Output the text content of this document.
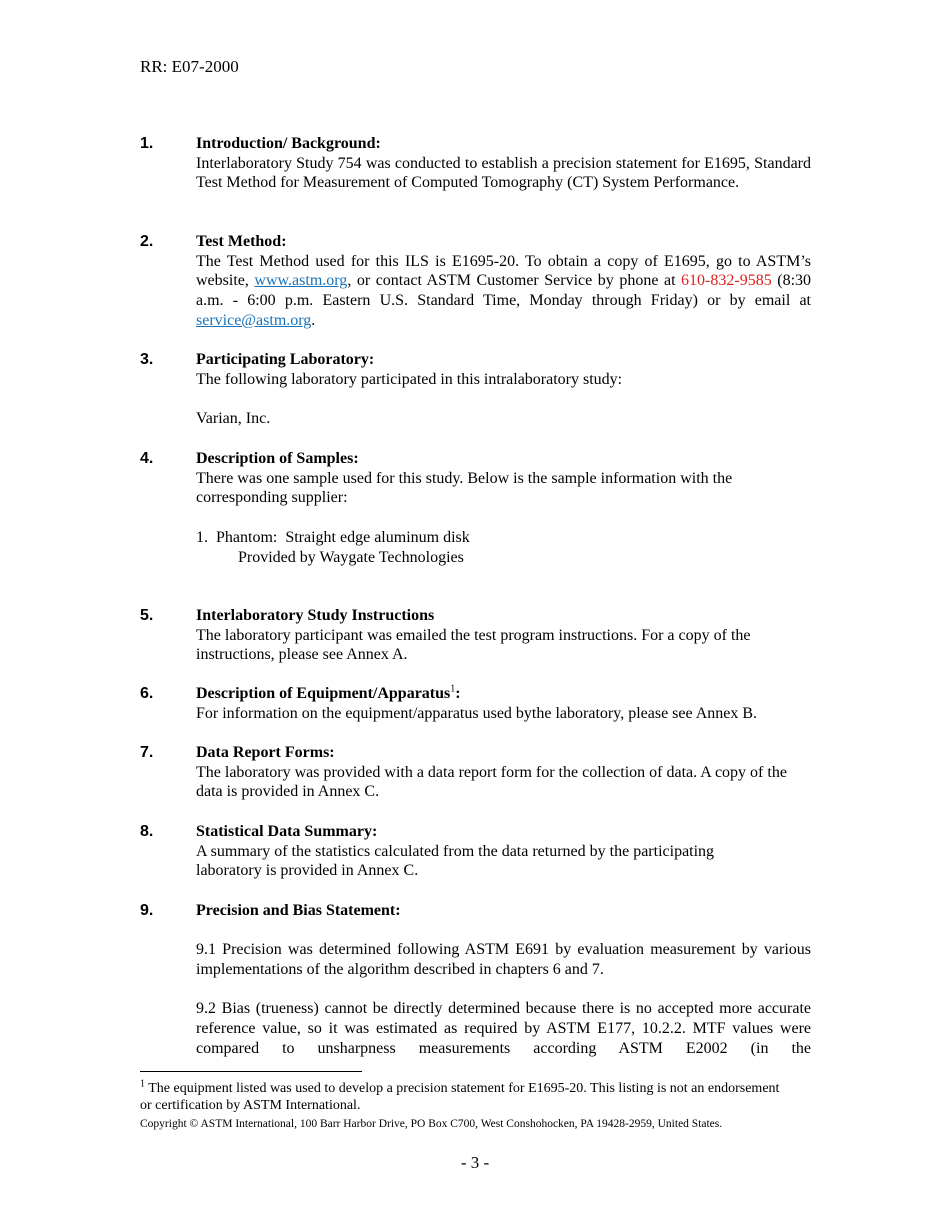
RR: E07-2000
1.	Introduction/ Background:
Interlaboratory Study 754 was conducted to establish a precision statement for E1695, Standard Test Method for Measurement of Computed Tomography (CT) System Performance.
2.	Test Method:
The Test Method used for this ILS is E1695-20. To obtain a copy of E1695, go to ASTM’s website, www.astm.org, or contact ASTM Customer Service by phone at 610-832-9585 (8:30 a.m. - 6:00 p.m. Eastern U.S. Standard Time, Monday through Friday) or by email at service@astm.org.
3.	Participating Laboratory:
The following laboratory participated in this intralaboratory study:
Varian, Inc.
4.	Description of Samples:
There was one sample used for this study. Below is the sample information with the corresponding supplier:
1.  Phantom:  Straight edge aluminum disk
Provided by Waygate Technologies
5.	Interlaboratory Study Instructions
The laboratory participant was emailed the test program instructions. For a copy of the instructions, please see Annex A.
6.	Description of Equipment/Apparatus$^1$:
For information on the equipment/apparatus used bythe laboratory, please see Annex B.
7.	Data Report Forms:
The laboratory was provided with a data report form for the collection of data. A copy of the data is provided in Annex C.
8.	Statistical Data Summary:
A summary of the statistics calculated from the data returned by the participating laboratory is provided in Annex C.
9.	Precision and Bias Statement:
9.1 Precision was determined following ASTM E691 by evaluation measurement by various implementations of the algorithm described in chapters 6 and 7.
9.2 Bias (trueness) cannot be directly determined because there is no accepted more accurate reference value, so it was estimated as required by ASTM E177, 10.2.2. MTF values were compared to unsharpness measurements according ASTM E2002 (in the
$^1$ The equipment listed was used to develop a precision statement for E1695-20. This listing is not an endorsement or certification by ASTM International.
Copyright © ASTM International, 100 Barr Harbor Drive, PO Box C700, West Conshohocken, PA 19428-2959, United States.
- 3 -
